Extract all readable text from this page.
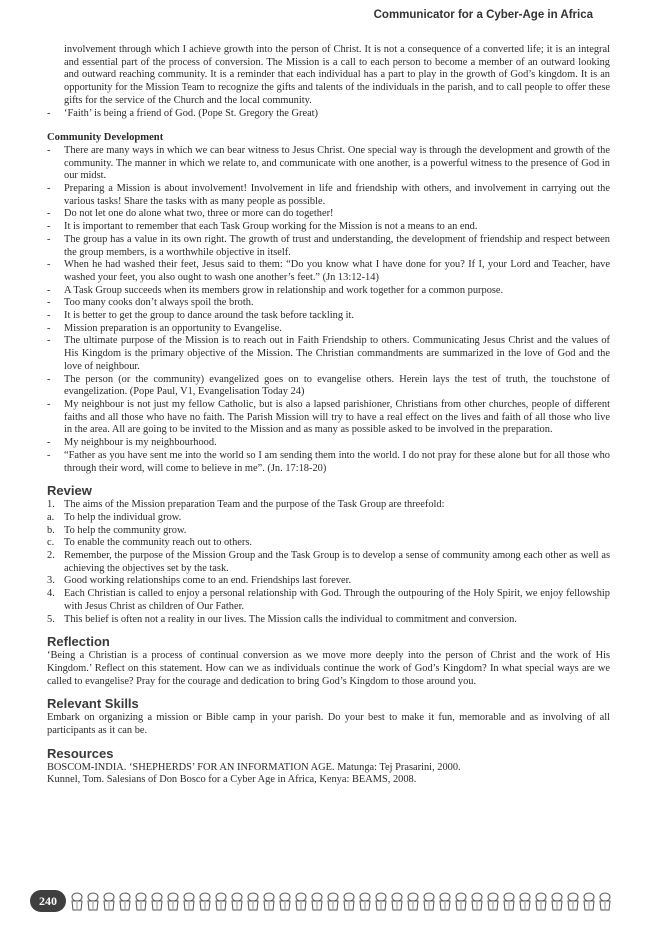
Communicator for a Cyber-Age in Africa

involvement through which I achieve growth into the person of Christ. It is not a consequence of a converted life; it is an integral and essential part of the process of conversion. The Mission is a call to each person to become a member of an outward looking and outward reaching community. It is a reminder that each individual has a part to play in the growth of God’s kingdom. It is an opportunity for the Mission Team to recognize the gifts and talents of the individuals in the parish, and to call people to offer these gifts for the service of the Church and the local community.

- ‘Faith’ is being a friend of God. (Pope St. Gregory the Great)
Community Development
- There are many ways in which we can bear witness to Jesus Christ. One special way is through the development and growth of the community. The manner in which we relate to, and communicate with one another, is a powerful witness to the presence of God in our midst.
- Preparing a Mission is about involvement! Involvement in life and friendship with others, and involvement in carrying out the various tasks! Share the tasks with as many people as possible.
- Do not let one do alone what two, three or more can do together!
- It is important to remember that each Task Group working for the Mission is not a means to an end.
- The group has a value in its own right. The growth of trust and understanding, the development of friendship and respect between the group members, is a worthwhile objective in itself.
- When he had washed their feet, Jesus said to them: “Do you know what I have done for you? If I, your Lord and Teacher, have washed your feet, you also ought to wash one another’s feet.” (Jn 13:12-14)
- A Task Group succeeds when its members grow in relationship and work together for a common purpose.
- Too many cooks don’t always spoil the broth.
- It is better to get the group to dance around the task before tackling it.
- Mission preparation is an opportunity to Evangelise.
- The ultimate purpose of the Mission is to reach out in Faith Friendship to others. Communicating Jesus Christ and the values of His Kingdom is the primary objective of the Mission. The Christian commandments are summarized in the love of God and the love of neighbour.
- The person (or the community) evangelized goes on to evangelise others. Herein lays the test of truth, the touchstone of evangelization. (Pope Paul, V1, Evangelisation Today 24)
- My neighbour is not just my fellow Catholic, but is also a lapsed parishioner, Christians from other churches, people of different faiths and all those who have no faith. The Parish Mission will try to have a real effect on the lives and faith of all those who live in the area. All are going to be invited to the Mission and as many as possible asked to be involved in the preparation.
- My neighbour is my neighbourhood.
- “Father as you have sent me into the world so I am sending them into the world. I do not pray for these alone but for all those who through their word, will come to believe in me”. (Jn. 17:18-20)
Review
1. The aims of the Mission preparation Team and the purpose of the Task Group are threefold:
a. To help the individual grow.
b. To help the community grow.
c. To enable the community reach out to others.
2. Remember, the purpose of the Mission Group and the Task Group is to develop a sense of community among each other as well as achieving the objectives set by the task.
3. Good working relationships come to an end. Friendships last forever.
4. Each Christian is called to enjoy a personal relationship with God. Through the outpouring of the Holy Spirit, we enjoy fellowship with Jesus Christ as children of Our Father.
5. This belief is often not a reality in our lives. The Mission calls the individual to commitment and conversion.
Reflection

‘Being a Christian is a process of continual conversion as we move more deeply into the person of Christ and the work of His Kingdom.’ Reflect on this statement. How can we as individuals continue the work of God’s Kingdom? In what special ways are we called to evangelise? Pray for the courage and dedication to bring God’s Kingdom to those around you.

Relevant Skills

Embark on organizing a mission or Bible camp in your parish. Do your best to make it fun, memorable and as involving of all participants as it can be.

Resources
BOSCOM-INDIA. ‘SHEPHERDS’ FOR AN INFORMATION AGE. Matunga: Tej Prasarini, 2000.
Kunnel, Tom. Salesians of Don Bosco for a Cyber Age in Africa, Kenya: BEAMS, 2008.
240
